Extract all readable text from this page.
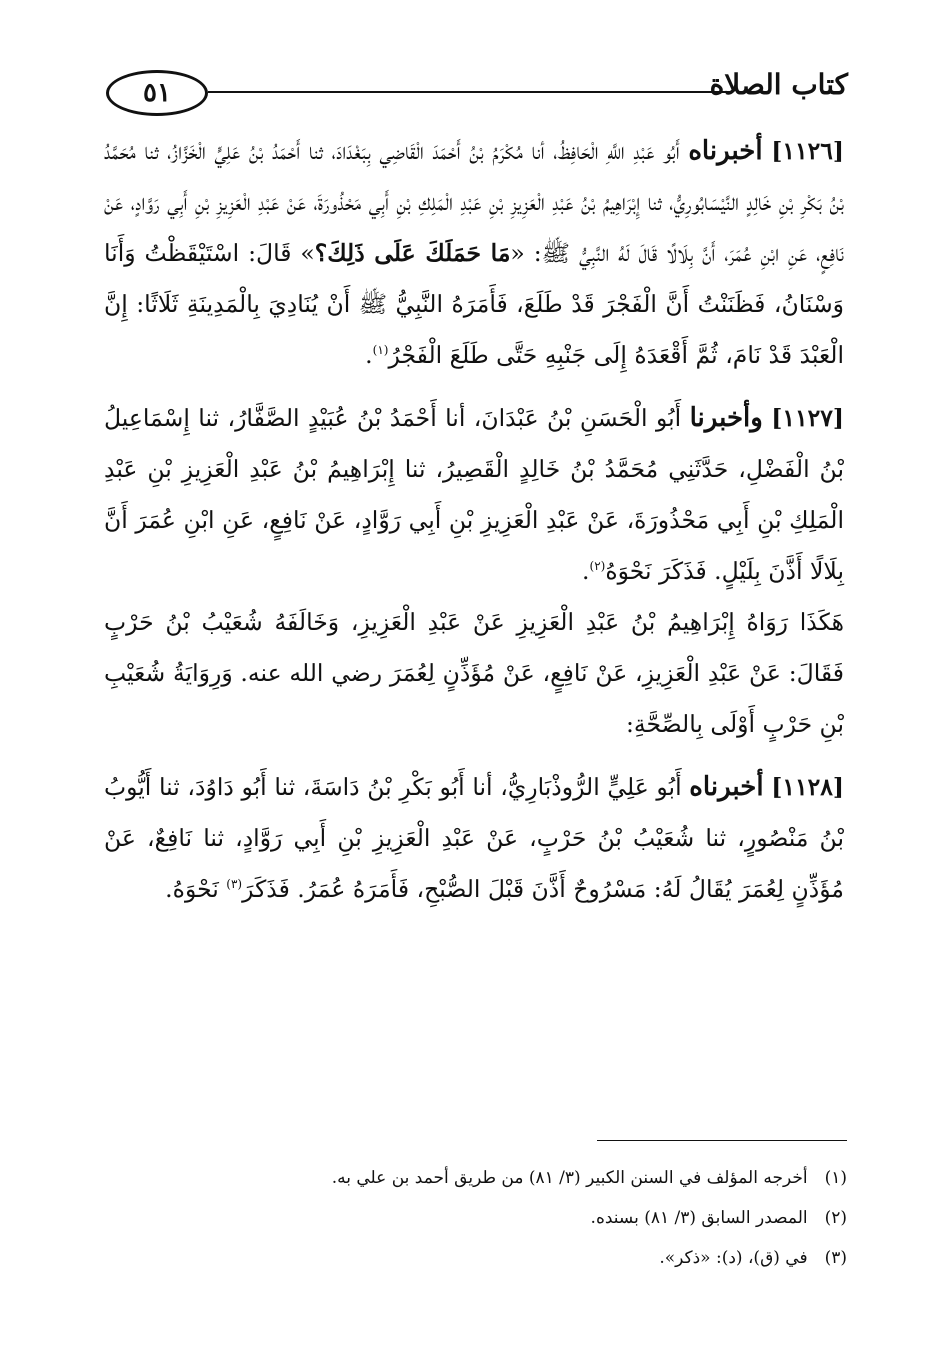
٥١	كتاب الصلاة

[١١٢٦] أخبرناه أَبُو عَبْدِ اللَّهِ الْحَافِظُ، أنا مُكْرَمُ بْنُ أَحْمَدَ الْقَاضِي بِبَغْدَادَ، ثنا أَحْمَدُ بْنُ عَلِيٍّ الْخَزَّازُ، ثنا مُحَمَّدُ بْنُ بَكْرِ بْنِ خَالِدٍ النَّيْسَابُورِيُّ، ثنا إِبْرَاهِيمُ بْنُ عَبْدِ الْعَزِيزِ بْنِ عَبْدِ الْمَلِكِ بْنِ أَبِي مَحْذُورَةَ، عَنْ عَبْدِ الْعَزِيزِ بْنِ أَبِي رَوَّادٍ، عَنْ نَافِعٍ، عَنِ ابْنِ عُمَرَ، أَنَّ بِلَالًا قَالَ لَهُ النَّبِيُّ ﷺ: «مَا حَمَلَكَ عَلَى ذَلِكَ؟» قَالَ: اسْتَيْقَظْتُ وَأَنَا وَسْنَانُ، فَظَنَنْتُ أَنَّ الْفَجْرَ قَدْ طَلَعَ، فَأَمَرَهُ النَّبِيُّ ﷺ أَنْ يُنَادِيَ بِالْمَدِينَةِ ثَلَاثًا: إِنَّ الْعَبْدَ قَدْ نَامَ، ثُمَّ أَقْعَدَهُ إِلَى جَنْبِهِ حَتَّى طَلَعَ الْفَجْرُ$^{(١)}$.

[١١٢٧] وأخبرنا أَبُو الْحَسَنِ بْنُ عَبْدَانَ، أنا أَحْمَدُ بْنُ عُبَيْدٍ الصَّفَّارُ، ثنا إِسْمَاعِيلُ بْنُ الْفَضْلِ، حَدَّثَنِي مُحَمَّدُ بْنُ خَالِدٍ الْقَصِيرُ، ثنا إِبْرَاهِيمُ بْنُ عَبْدِ الْعَزِيزِ بْنِ عَبْدِ الْمَلِكِ بْنِ أَبِي مَحْذُورَةَ، عَنْ عَبْدِ الْعَزِيزِ بْنِ أَبِي رَوَّادٍ، عَنْ نَافِعٍ، عَنِ ابْنِ عُمَرَ أَنَّ بِلَالًا أَذَّنَ بِلَيْلٍ. فَذَكَرَ نَحْوَهُ$^{(٢)}$.

هَكَذَا رَوَاهُ إِبْرَاهِيمُ بْنُ عَبْدِ الْعَزِيزِ عَنْ عَبْدِ الْعَزِيزِ، وَخَالَفَهُ شُعَيْبُ بْنُ حَرْبٍ فَقَالَ: عَنْ عَبْدِ الْعَزِيزِ، عَنْ نَافِعٍ، عَنْ مُؤَذِّنٍ لِعُمَرَ رضي الله عنه. وَرِوَايَةُ شُعَيْبِ بْنِ حَرْبٍ أَوْلَى بِالصِّحَّةِ:

[١١٢٨] أخبرناه أَبُو عَلِيٍّ الرُّوذْبَارِيُّ، أنا أَبُو بَكْرِ بْنُ دَاسَةَ، ثنا أَبُو دَاوُدَ، ثنا أَيُّوبُ بْنُ مَنْصُورٍ، ثنا شُعَيْبُ بْنُ حَرْبٍ، عَنْ عَبْدِ الْعَزِيزِ بْنِ أَبِي رَوَّادٍ، ثنا نَافِعٌ، عَنْ مُؤَذِّنٍ لِعُمَرَ يُقَالُ لَهُ: مَسْرُوحٌ أَذَّنَ قَبْلَ الصُّبْحِ، فَأَمَرَهُ عُمَرُ. فَذَكَرَ$^{(٣)}$ نَحْوَهُ.

(١) أخرجه المؤلف في السنن الكبير (٣/ ٨١) من طريق أحمد بن علي به.

(٢) المصدر السابق (٣/ ٨١) بسنده.

(٣) في (ق)، (د): «ذكر».
